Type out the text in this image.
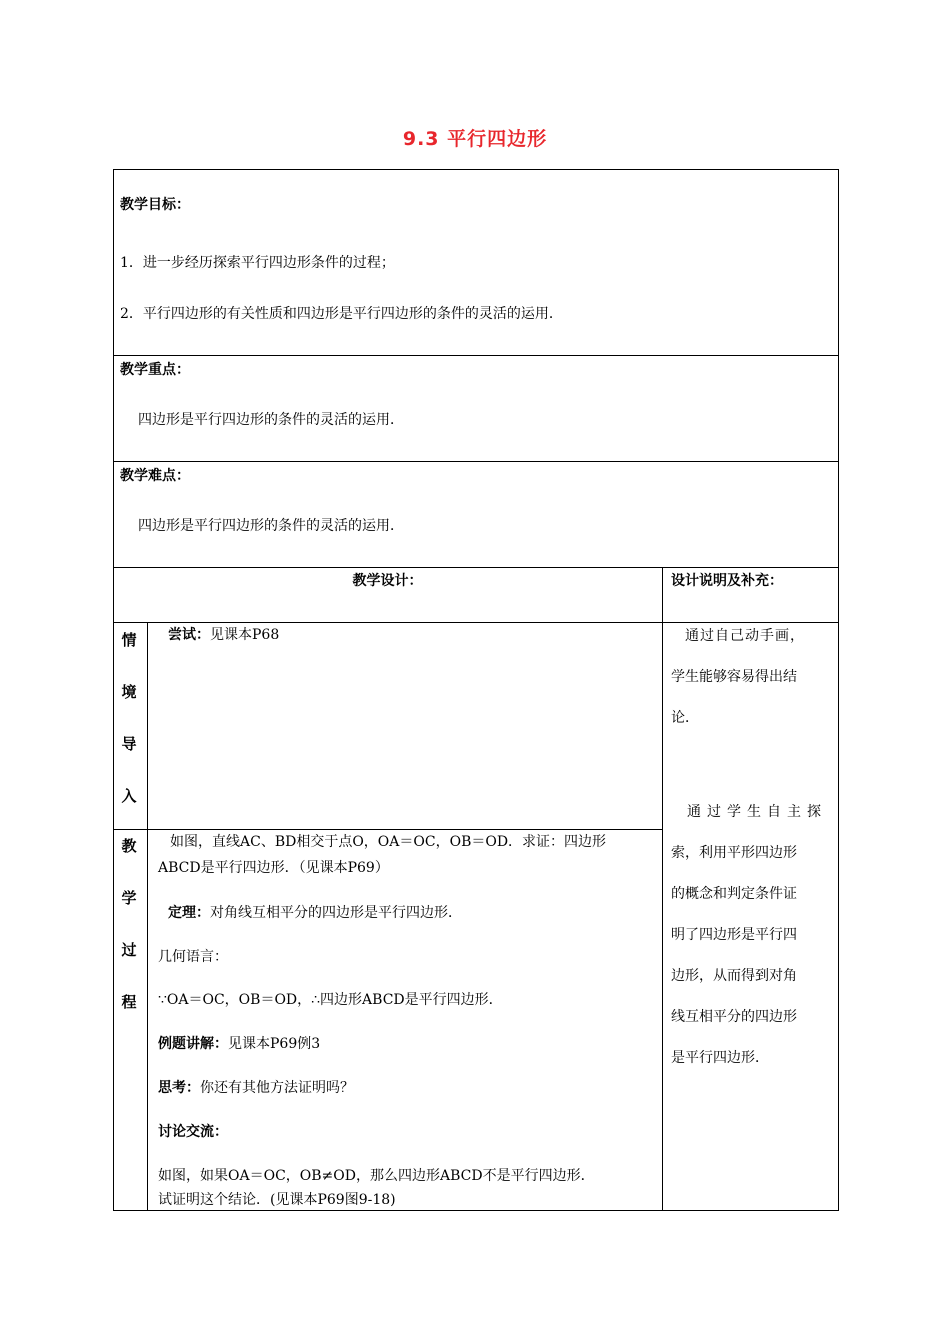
9.3 平行四边形
教学目标：
1．进一步经历探索平行四边形条件的过程；
2．平行四边形的有关性质和四边形是平行四边形的条件的灵活的运用．
教学重点：
四边形是平行四边形的条件的灵活的运用．
教学难点：
四边形是平行四边形的条件的灵活的运用．
教学设计：	设计说明及补充：
情
境
导
入
尝试：见课本P68	通过自己动手画，
学生能够容易得出结
论．
教
学
过
程
如图，直线AC、BD相交于点O，OA＝OC，OB＝OD．求证：四边形
ABCD是平行四边形．（见课本P69）
定理：对角线互相平分的四边形是平行四边形．
几何语言：
∵OA＝OC，OB＝OD，∴四边形ABCD是平行四边形．
例题讲解：见课本P69例3
思考：你还有其他方法证明吗？
讨论交流：
如图，如果OA＝OC，OB≠OD，那么四边形ABCD不是平行四边形．
试证明这个结论．(见课本P69图9-18)
通过学生自主探
索，利用平形四边形
的概念和判定条件证
明了四边形是平行四
边形，从而得到对角
线互相平分的四边形
是平行四边形．
